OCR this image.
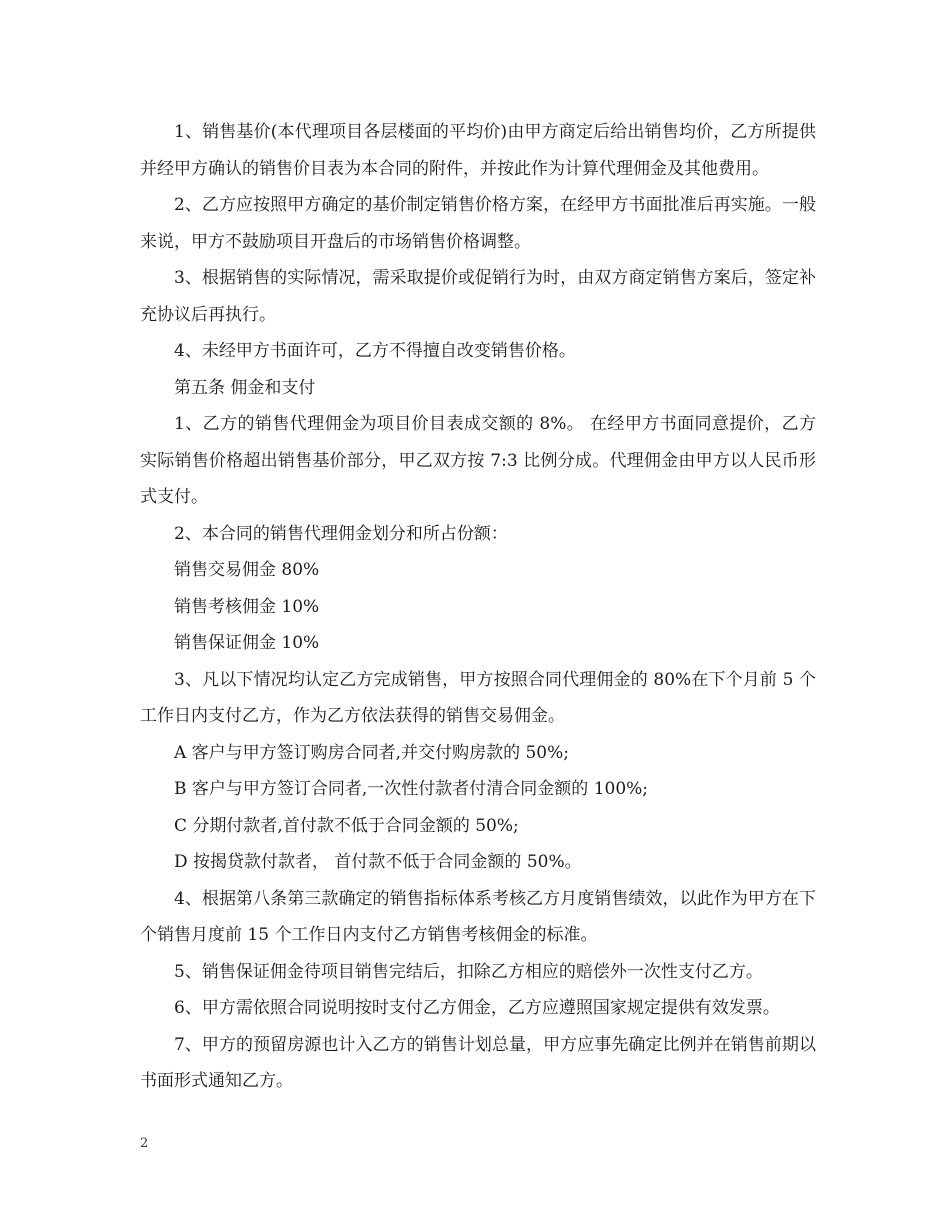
1、销售基价(本代理项目各层楼面的平均价)由甲方商定后给出销售均价，乙方所提供并经甲方确认的销售价目表为本合同的附件，并按此作为计算代理佣金及其他费用。

2、乙方应按照甲方确定的基价制定销售价格方案，在经甲方书面批准后再实施。一般来说，甲方不鼓励项目开盘后的市场销售价格调整。

3、根据销售的实际情况，需采取提价或促销行为时，由双方商定销售方案后，签定补充协议后再执行。

4、未经甲方书面许可，乙方不得擅自改变销售价格。

第五条 佣金和支付

1、乙方的销售代理佣金为项目价目表成交额的 8%。 在经甲方书面同意提价，乙方实际销售价格超出销售基价部分，甲乙双方按 7:3 比例分成。代理佣金由甲方以人民币形式支付。

2、本合同的销售代理佣金划分和所占份额：

销售交易佣金 80%

销售考核佣金 10%

销售保证佣金 10%

3、凡以下情况均认定乙方完成销售，甲方按照合同代理佣金的 80%在下个月前 5 个工作日内支付乙方，作为乙方依法获得的销售交易佣金。

A 客户与甲方签订购房合同者,并交付购房款的 50%;

B 客户与甲方签订合同者,一次性付款者付清合同金额的 100%;

C 分期付款者,首付款不低于合同金额的 50%;

D 按揭贷款付款者， 首付款不低于合同金额的 50%。

4、根据第八条第三款确定的销售指标体系考核乙方月度销售绩效，以此作为甲方在下个销售月度前 15 个工作日内支付乙方销售考核佣金的标准。

5、销售保证佣金待项目销售完结后，扣除乙方相应的赔偿外一次性支付乙方。

6、甲方需依照合同说明按时支付乙方佣金，乙方应遵照国家规定提供有效发票。

7、甲方的预留房源也计入乙方的销售计划总量，甲方应事先确定比例并在销售前期以书面形式通知乙方。

2
